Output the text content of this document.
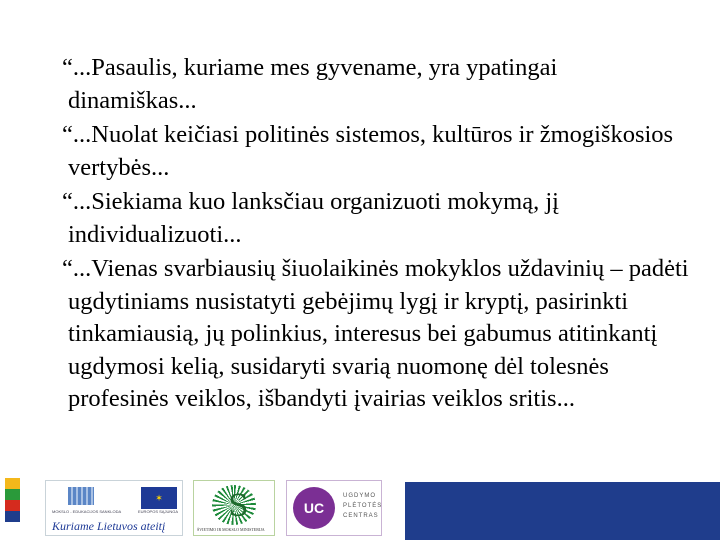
“...Pasaulis, kuriame mes gyvename, yra ypatingai dinamiškas...

“...Nuolat keičiasi politinės sistemos, kultūros ir žmogiškosios vertybės...

“...Siekiama kuo lanksčiau organizuoti mokymą, jį individualizuoti...

“...Vienas svarbiausių šiuolaikinės mokyklos uždavinių – padėti ugdytiniams nusistatyti gebėjimų lygį ir kryptį, pasirinkti tinkamiausią, jų polinkius, interesus bei gabumus atitinkantį ugdymosi kelią, susidaryti svarią nuomonę dėl tolesnės profesinės veiklos, išbandyti įvairias veiklos sritis...

✶
MOKSLO - EDUKACIJOS SANKLODA	EUROPOS SĄJUNGA
Kuriame Lietuvos ateitį
S
ŠVIETIMO IR MOKSLO MINISTERIJA
UC
UGDYMO
PLĖTOTĖS
CENTRAS
